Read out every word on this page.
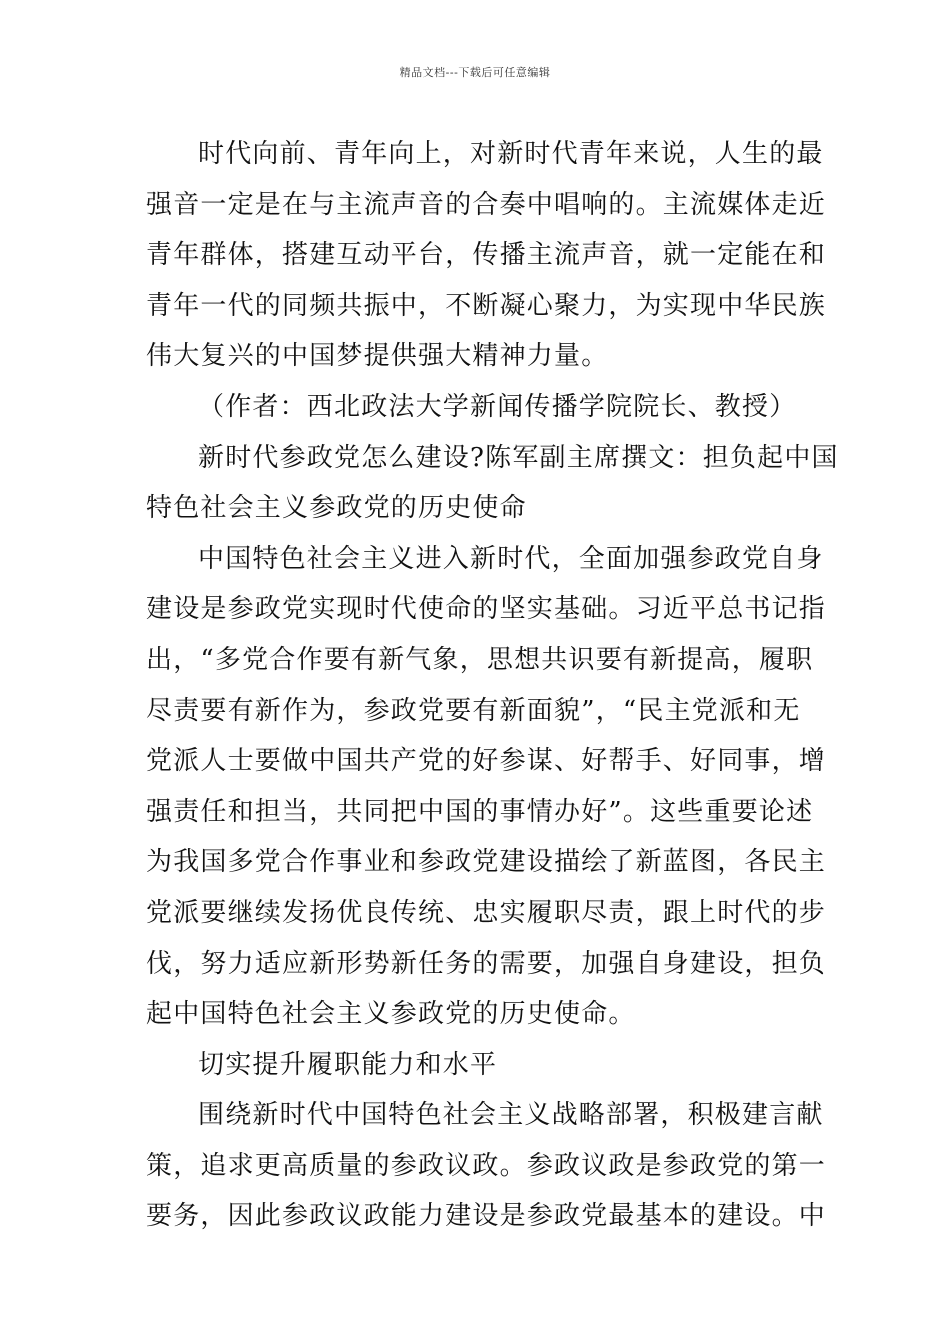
精品文档---下载后可任意编辑
时代向前、青年向上，对新时代青年来说，人生的最
强音一定是在与主流声音的合奏中唱响的。主流媒体走近
青年群体，搭建互动平台，传播主流声音，就一定能在和
青年一代的同频共振中，不断凝心聚力，为实现中华民族
伟大复兴的中国梦提供强大精神力量。
（作者：西北政法大学新闻传播学院院长、教授）
新时代参政党怎么建设?陈军副主席撰文：担负起中国
特色社会主义参政党的历史使命
中国特色社会主义进入新时代，全面加强参政党自身
建设是参政党实现时代使命的坚实基础。习近平总书记指
出，“多党合作要有新气象，思想共识要有新提高，履职
尽责要有新作为，参政党要有新面貌”，“民主党派和无
党派人士要做中国共产党的好参谋、好帮手、好同事，增
强责任和担当，共同把中国的事情办好”。这些重要论述
为我国多党合作事业和参政党建设描绘了新蓝图，各民主
党派要继续发扬优良传统、忠实履职尽责，跟上时代的步
伐，努力适应新形势新任务的需要，加强自身建设，担负
起中国特色社会主义参政党的历史使命。
切实提升履职能力和水平
围绕新时代中国特色社会主义战略部署，积极建言献
策，追求更高质量的参政议政。参政议政是参政党的第一
要务，因此参政议政能力建设是参政党最基本的建设。中
